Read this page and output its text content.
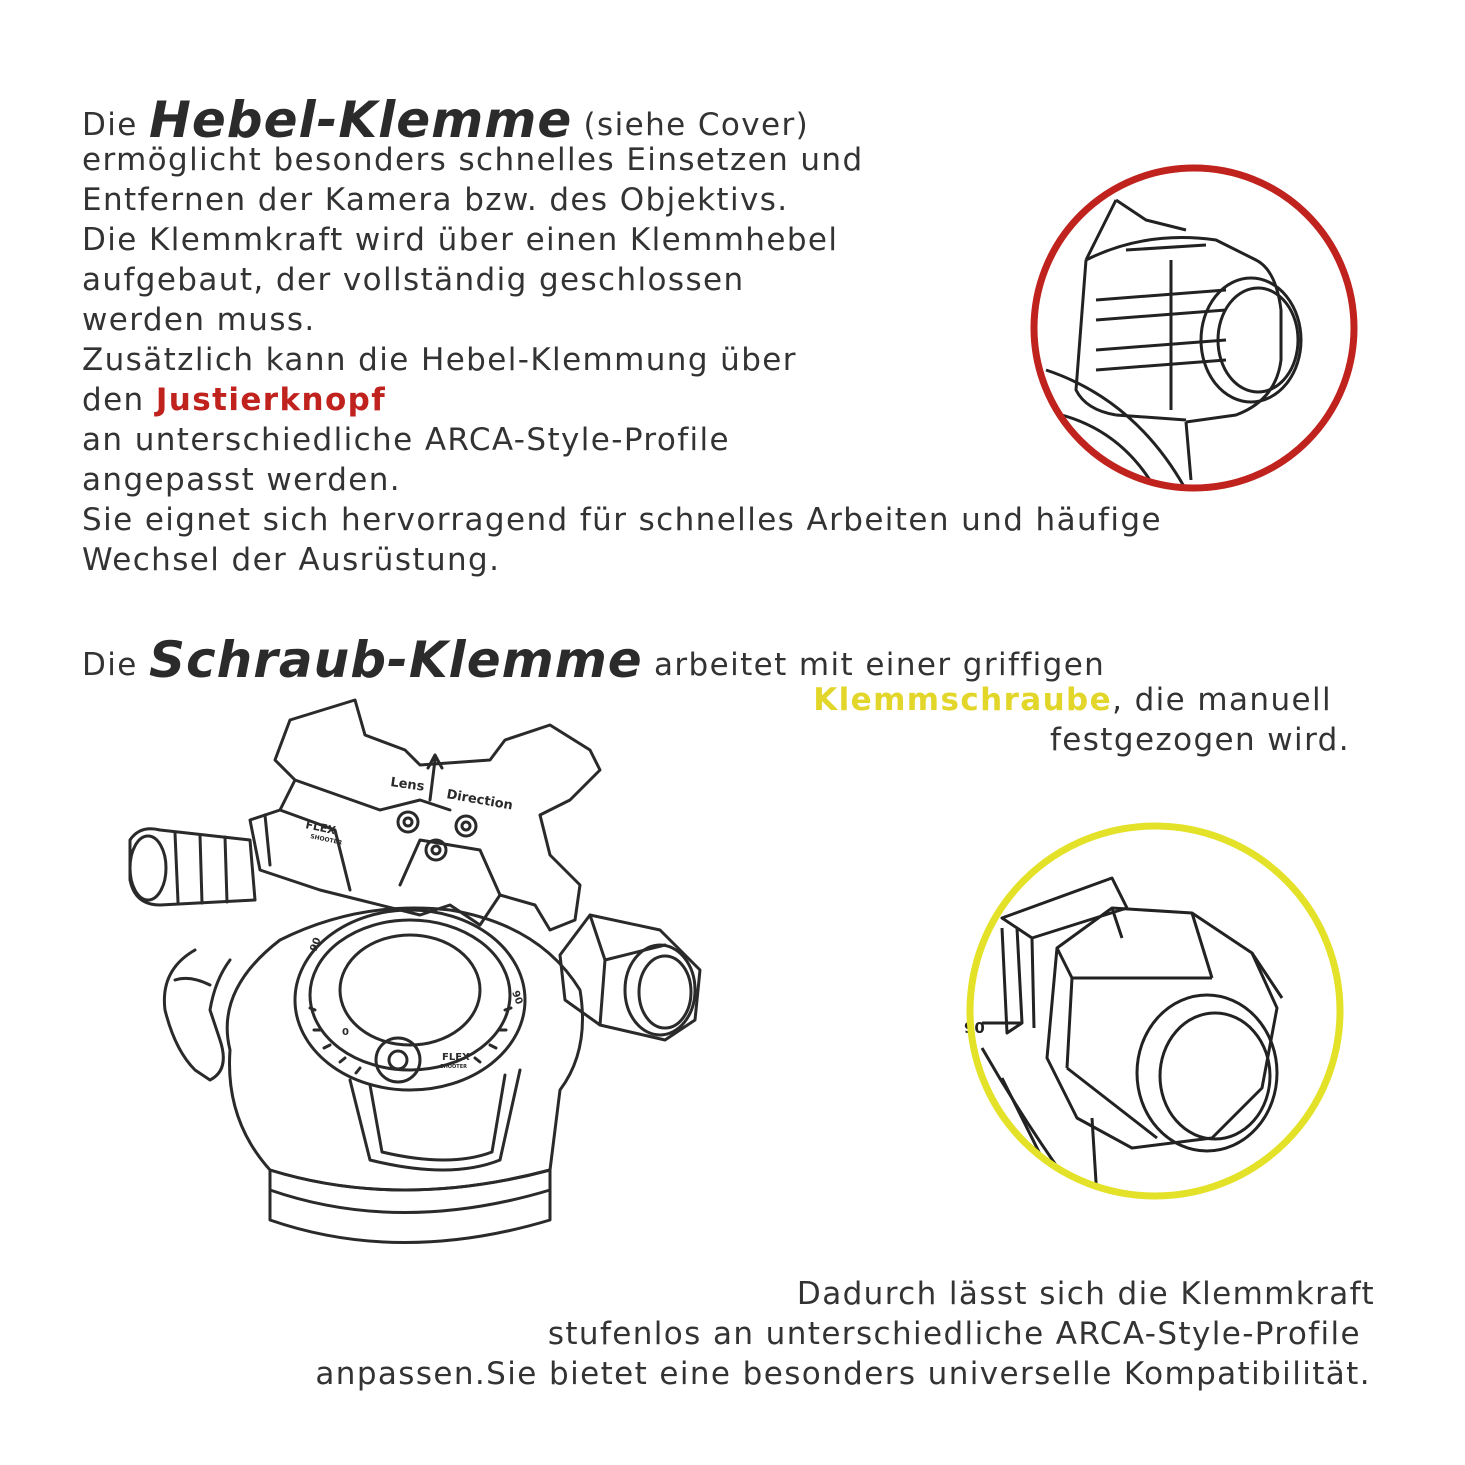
Die Hebel-Klemme (siehe Cover)
ermöglicht besonders schnelles Einsetzen und
Entfernen der Kamera bzw. des Objektivs.
Die Klemmkraft wird über einen Klemmhebel
aufgebaut, der vollständig geschlossen
werden muss.
Zusätzlich kann die Hebel-Klemmung über
den Justierknopf
an unterschiedliche ARCA-Style-Profile
angepasst werden.
Sie eignet sich hervorragend für schnelles Arbeiten und häufige
Wechsel der Ausrüstung.
Die Schraub-Klemme arbeitet mit einer griffigen
Klemmschraube, die manuell
festgezogen wird.
Dadurch lässt sich die Klemmkraft
stufenlos an unterschiedliche ARCA-Style-Profile
anpassen.Sie bietet eine besonders universelle Kompatibilität.
90
Lens
Direction
FLEX
SHOOTER
FLEX
SHOOTER
90
0
90
